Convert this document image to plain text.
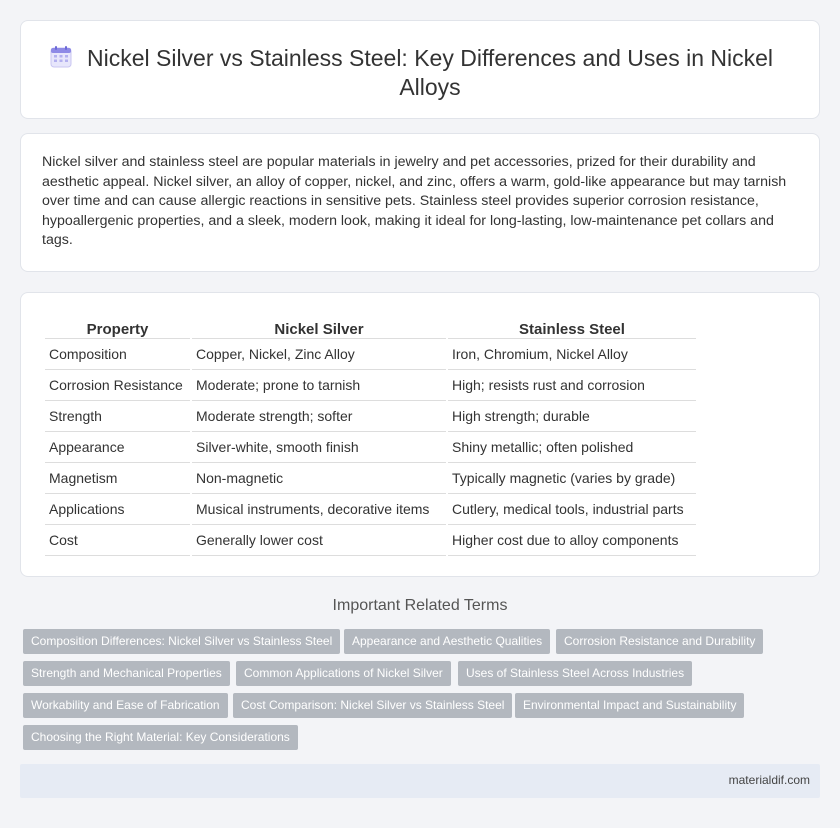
Nickel Silver vs Stainless Steel: Key Differences and Uses in Nickel Alloys

Nickel silver and stainless steel are popular materials in jewelry and pet accessories, prized for their durability and aesthetic appeal. Nickel silver, an alloy of copper, nickel, and zinc, offers a warm, gold-like appearance but may tarnish over time and can cause allergic reactions in sensitive pets. Stainless steel provides superior corrosion resistance, hypoallergenic properties, and a sleek, modern look, making it ideal for long-lasting, low-maintenance pet collars and tags.

Property	Nickel Silver	Stainless Steel
Composition	Copper, Nickel, Zinc Alloy	Iron, Chromium, Nickel Alloy
Corrosion Resistance	Moderate; prone to tarnish	High; resists rust and corrosion
Strength	Moderate strength; softer	High strength; durable
Appearance	Silver-white, smooth finish	Shiny metallic; often polished
Magnetism	Non-magnetic	Typically magnetic (varies by grade)
Applications	Musical instruments, decorative items	Cutlery, medical tools, industrial parts
Cost	Generally lower cost	Higher cost due to alloy components
Important Related Terms
Composition Differences: Nickel Silver vs Stainless Steel	Appearance and Aesthetic Qualities	Corrosion Resistance and Durability
Strength and Mechanical Properties	Common Applications of Nickel Silver	Uses of Stainless Steel Across Industries
Workability and Ease of Fabrication	Cost Comparison: Nickel Silver vs Stainless Steel	Environmental Impact and Sustainability
Choosing the Right Material: Key Considerations
materialdif.com
